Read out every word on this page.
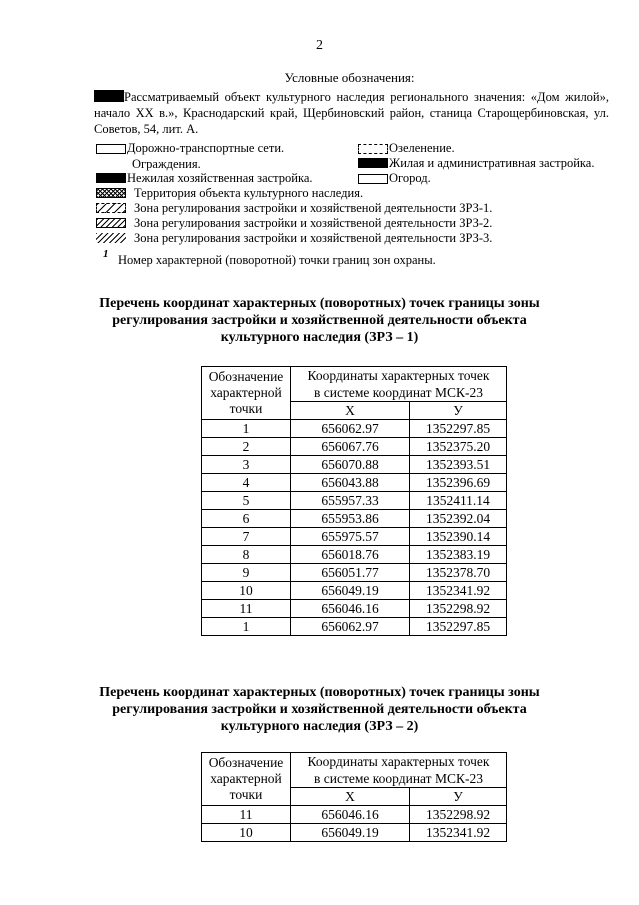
2
Условные обозначения:
Рассматриваемый объект культурного наследия регионального значения: «Дом жилой», начало XX в.», Краснодарский край, Щербиновский район, станица Старощербиновская, ул. Советов, 54, лит. А.
Дорожно-транспортные сети.	Озеленение.
Ограждения.	Жилая и административная застройка.
Нежилая хозяйственная застройка.	Огород.
Территория объекта культурного наследия.
Зона регулирования застройки и хозяйственой деятельности ЗРЗ-1.
Зона регулирования застройки и хозяйственой деятельности ЗРЗ-2.
Зона регулирования застройки и хозяйственой деятельности ЗРЗ-3.
1 Номер характерной (поворотной) точки границ зон охраны.
Перечень координат характерных (поворотных) точек границы зоны
регулирования застройки и хозяйственной деятельности объекта
культурного наследия (ЗРЗ – 1)
Обозначение
характерной
точки	Координаты характерных точек	
	в системе координат МСК-23	
	X	У
1	656062.97	1352297.85
2	656067.76	1352375.20
3	656070.88	1352393.51
4	656043.88	1352396.69
5	655957.33	1352411.14
6	655953.86	1352392.04
7	655975.57	1352390.14
8	656018.76	1352383.19
9	656051.77	1352378.70
10	656049.19	1352341.92
11	656046.16	1352298.92
1	656062.97	1352297.85
Перечень координат характерных (поворотных) точек границы зоны
регулирования застройки и хозяйственной деятельности объекта
культурного наследия (ЗРЗ – 2)
Обозначение
характерной
точки	Координаты характерных точек	
	в системе координат МСК-23	
	X	У
11	656046.16	1352298.92
10	656049.19	1352341.92
